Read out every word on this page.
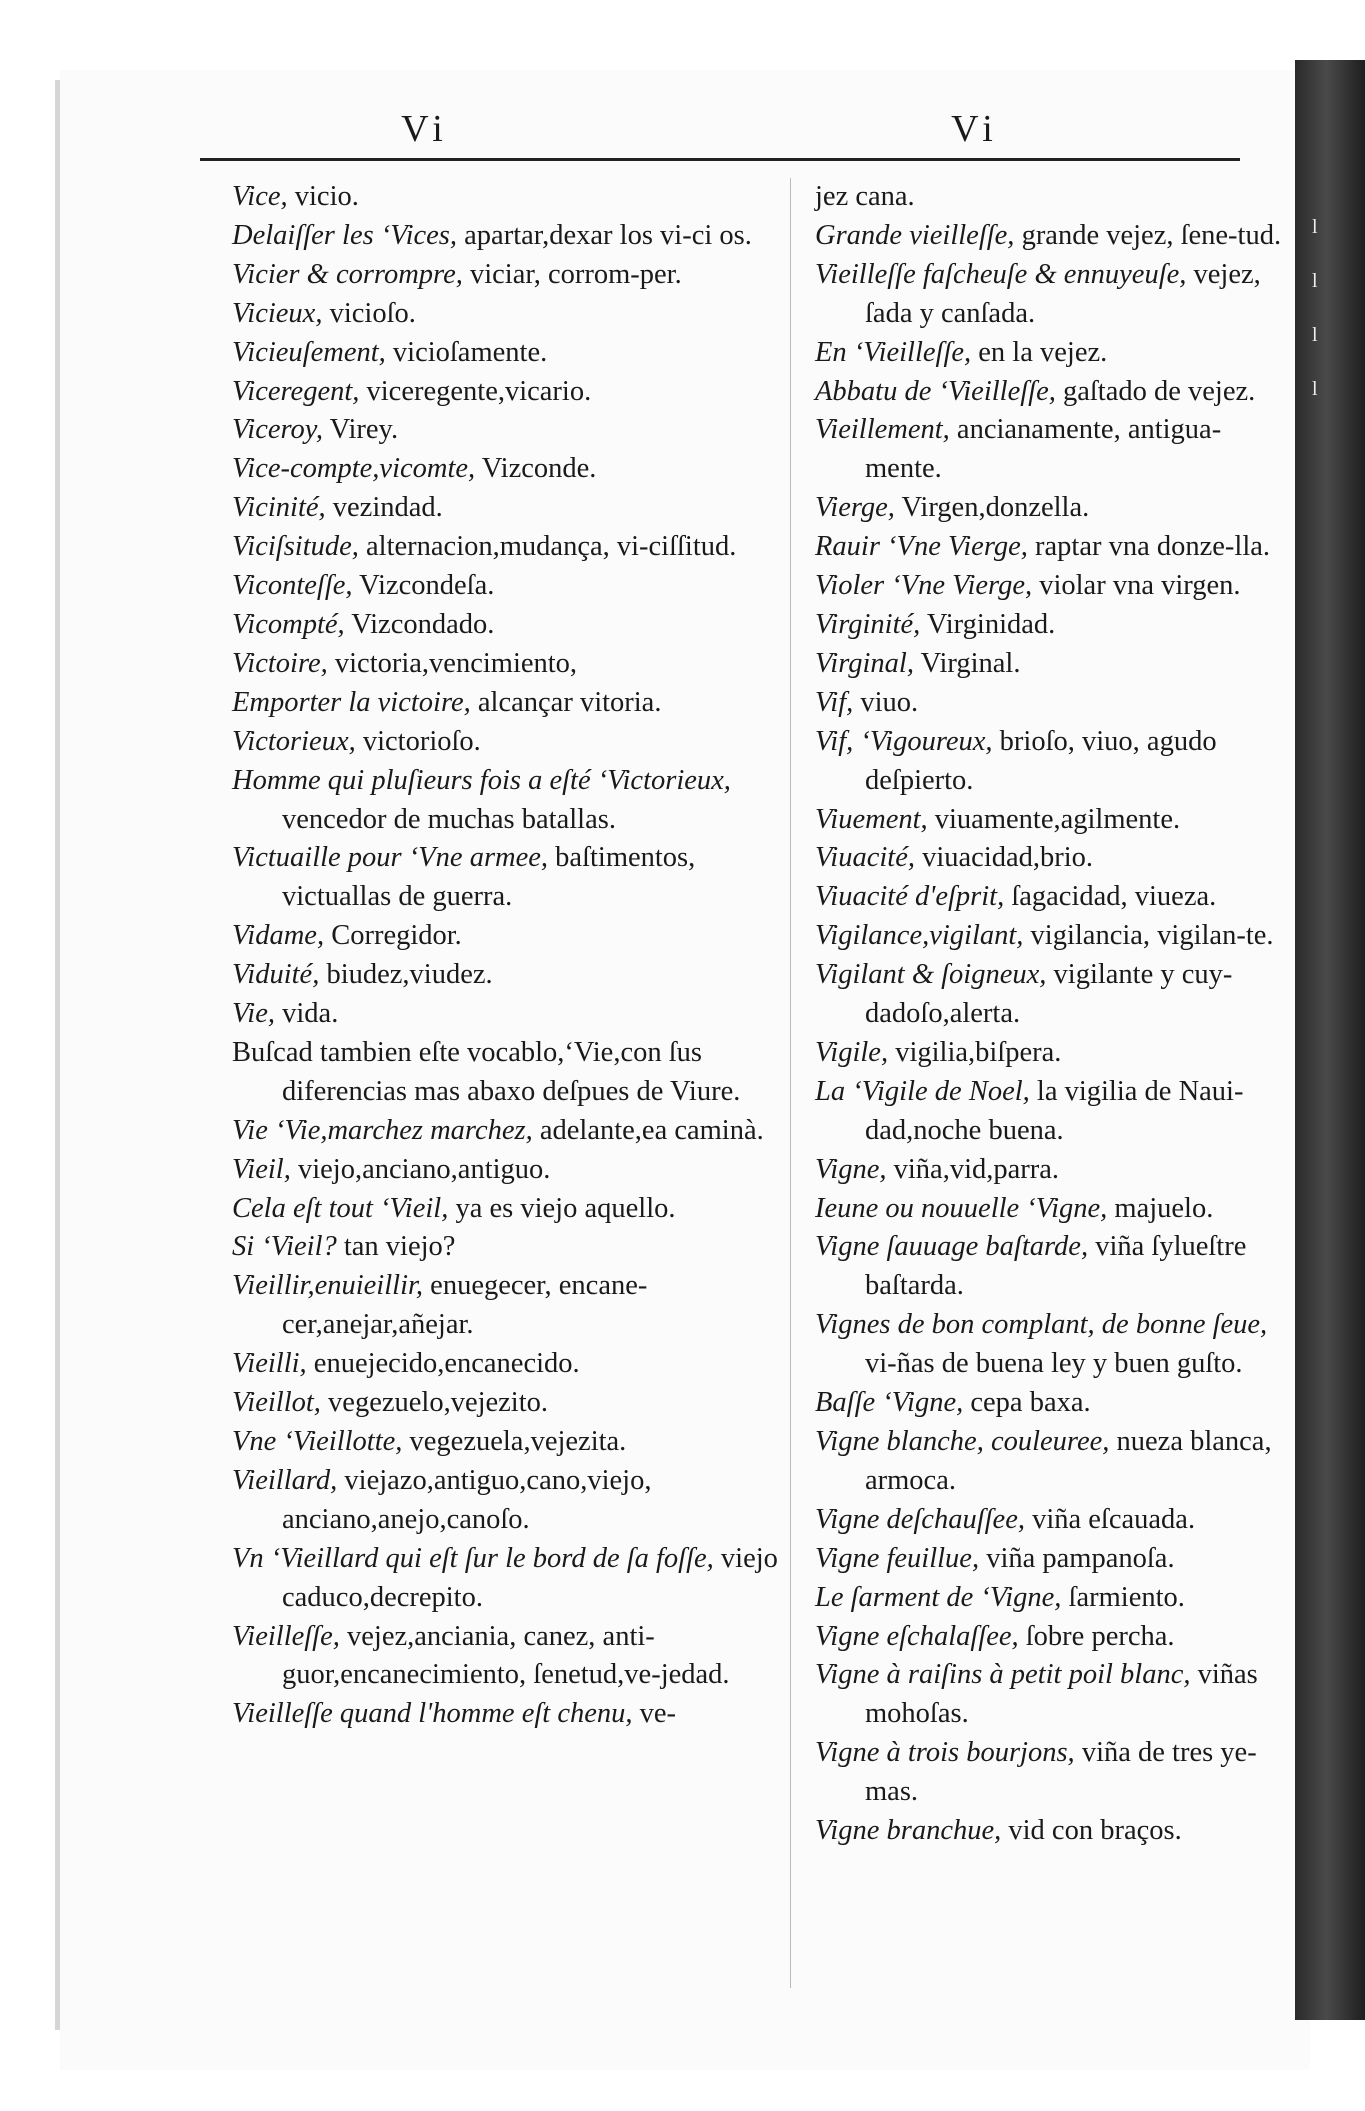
l
l
l
l
Vi	Vi

Vice, vicio.

Delaiſſer les ‘Vices, apartar,dexar los vi-ci os.

Vicier & corrompre, viciar, corrom-per.

Vicieux, vicioſo.

Vicieuſement, vicioſamente.

Viceregent, viceregente,vicario.

Viceroy, Virey.

Vice-compte,vicomte, Vizconde.

Vicinité, vezindad.

Viciſsitude, alternacion,mudança, vi-ciſſitud.

Vicontеſſe, Vizcondeſa.

Vicompté, Vizcondado.

Victoire, victoria,vencimiento,

Emporter la victoire, alcançar vitoria.

Victorieux, victorioſo.

Homme qui pluſieurs fois a eſté ‘Victorieux, vencedor de muchas batallas.

Victuaille pour ‘Vne armee, baſtimentos, victuallas de guerra.

Vidame, Corregidor.

Viduité, biudez,viudez.

Vie, vida.

Buſcad tambien eſte vocablo,‘Vie,con ſus diferencias mas abaxo deſpues de Viure.

Vie ‘Vie,marchez marchez, adelante,ea caminà.

Vieil, viejo,anciano,antiguo.

Cela eſt tout ‘Vieil, ya es viejo aquello.

Si ‘Vieil? tan viejo?

Vieillir,enuieillir, enuegecer, encane-cer,anejar,añejar.

Vieilli, enuejecido,encanecido.

Vieillot, vegezuelo,vejezito.

Vne ‘Vieillotte, vegezuela,vejezita.

Vieillard, viejazo,antiguo,cano,viejo, anciano,anejo,canoſo.

Vn ‘Vieillard qui eſt ſur le bord de ſa foſſe, viejo caduco,decrepito.

Vieilleſſe, vejez,anciania, canez, anti-guor,encanecimiento, ſenetud,ve-jedad.

Vieilleſſe quand l'homme eſt chenu, ve-

jez cana.

Grande vieilleſſe, grande vejez, ſene-tud.

Vieilleſſe faſcheuſe & ennuyeuſe, vejez, ſada y canſada.

En ‘Vieilleſſe, en la vejez.

Abbatu de ‘Vieilleſſe, gaſtado de vejez.

Vieillement, ancianamente, antigua-mente.

Vierge, Virgen,donzella.

Rauir ‘Vne Vierge, raptar vna donze-lla.

Violer ‘Vne Vierge, violar vna virgen.

Virginité, Virginidad.

Virginal, Virginal.

Vif, viuo.

Vif, ‘Vigoureux, brioſo, viuo, agudo deſpierto.

Viuement, viuamente,agilmente.

Viuacité, viuacidad,brio.

Viuacité d'eſprit, ſagacidad, viueza.

Vigilance,vigilant, vigilancia, vigilan-te.

Vigilant & ſoigneux, vigilante y cuy-dadoſo,alerta.

Vigile, vigilia,biſpera.

La ‘Vigile de Noel, la vigilia de Naui-dad,noche buena.

Vigne, viña,vid,parra.

Ieune ou nouuelle ‘Vigne, majuelo.

Vigne ſauuage baſtarde, viña ſylueſtre baſtarda.

Vignes de bon complant, de bonne ſeue, vi-ñas de buena ley y buen guſto.

Baſſe ‘Vigne, cepa baxa.

Vigne blanche, couleuree, nueza blanca, armoca.

Vigne deſchauſſee, viña eſcauada.

Vigne feuillue, viña pampanoſa.

Le ſarment de ‘Vigne, ſarmiento.

Vigne eſchalaſſee, ſobre percha.

Vigne à raiſins à petit poil blanc, viñas mohoſas.

Vigne à trois bourjons, viña de tres ye-mas.

Vigne branchue, vid con braços.
